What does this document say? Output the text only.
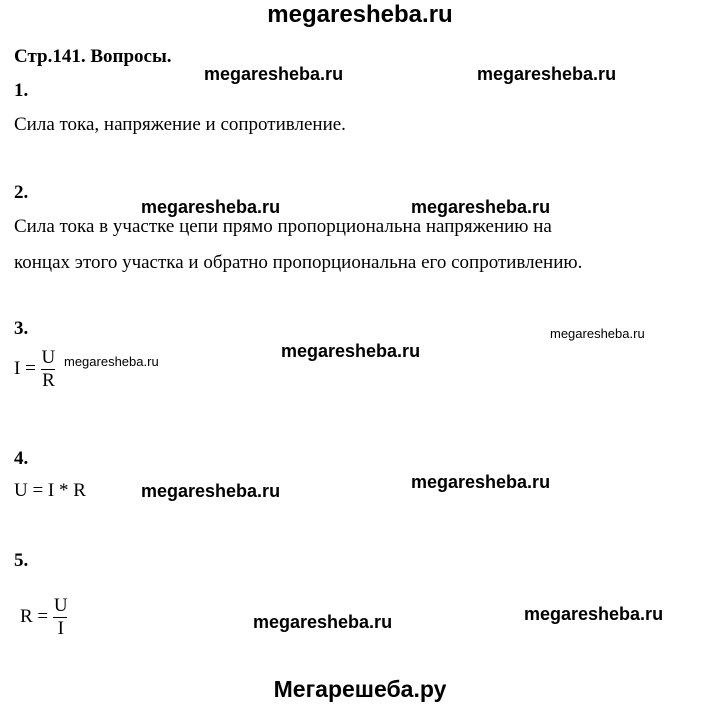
megaresheba.ru
Стр.141. Вопросы.
1.
Сила тока, напряжение и сопротивление.
2.
Сила тока в участке цепи прямо пропорциональна напряжению на
концах этого участка и обратно пропорциональна его сопротивлению.
3.
$I = \frac{U}{R}$
4.
U = I * R
5.
$R = \frac{U}{I}$
megaresheba.ru	megaresheba.ru
megaresheba.ru	megaresheba.ru
megaresheba.ru
megaresheba.ru
megaresheba.ru
megaresheba.ru
megaresheba.ru
megaresheba.ru
megaresheba.ru
Мегарешеба.ру
